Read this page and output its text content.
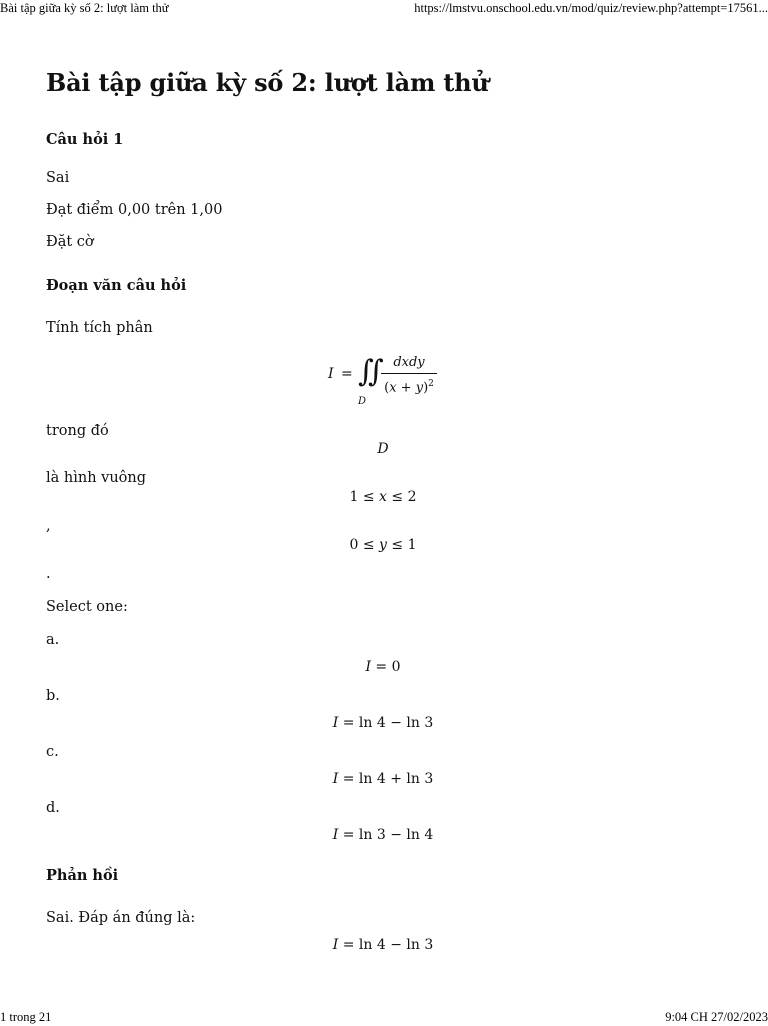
Bài tập giữa kỳ số 2: lượt làm thử	https://lmstvu.onschool.edu.vn/mod/quiz/review.php?attempt=17561...
Bài tập giữa kỳ số 2: lượt làm thử
Câu hỏi 1
Sai
Đạt điểm 0,00 trên 1,00
Đặt cờ
Đoạn văn câu hỏi
Tính tích phân
I = ∬
D
dxdy
$(x + y)^2$
trong đó
D
là hình vuông
1 ≤ x ≤ 2
,
0 ≤ y ≤ 1
.
Select one:
a.
I = 0
b.
I = ln 4 − ln 3
c.
I = ln 4 + ln 3
d.
I = ln 3 − ln 4
Phản hồi
Sai. Đáp án đúng là:
I = ln 4 − ln 3
1 trong 21	9:04 CH 27/02/2023
